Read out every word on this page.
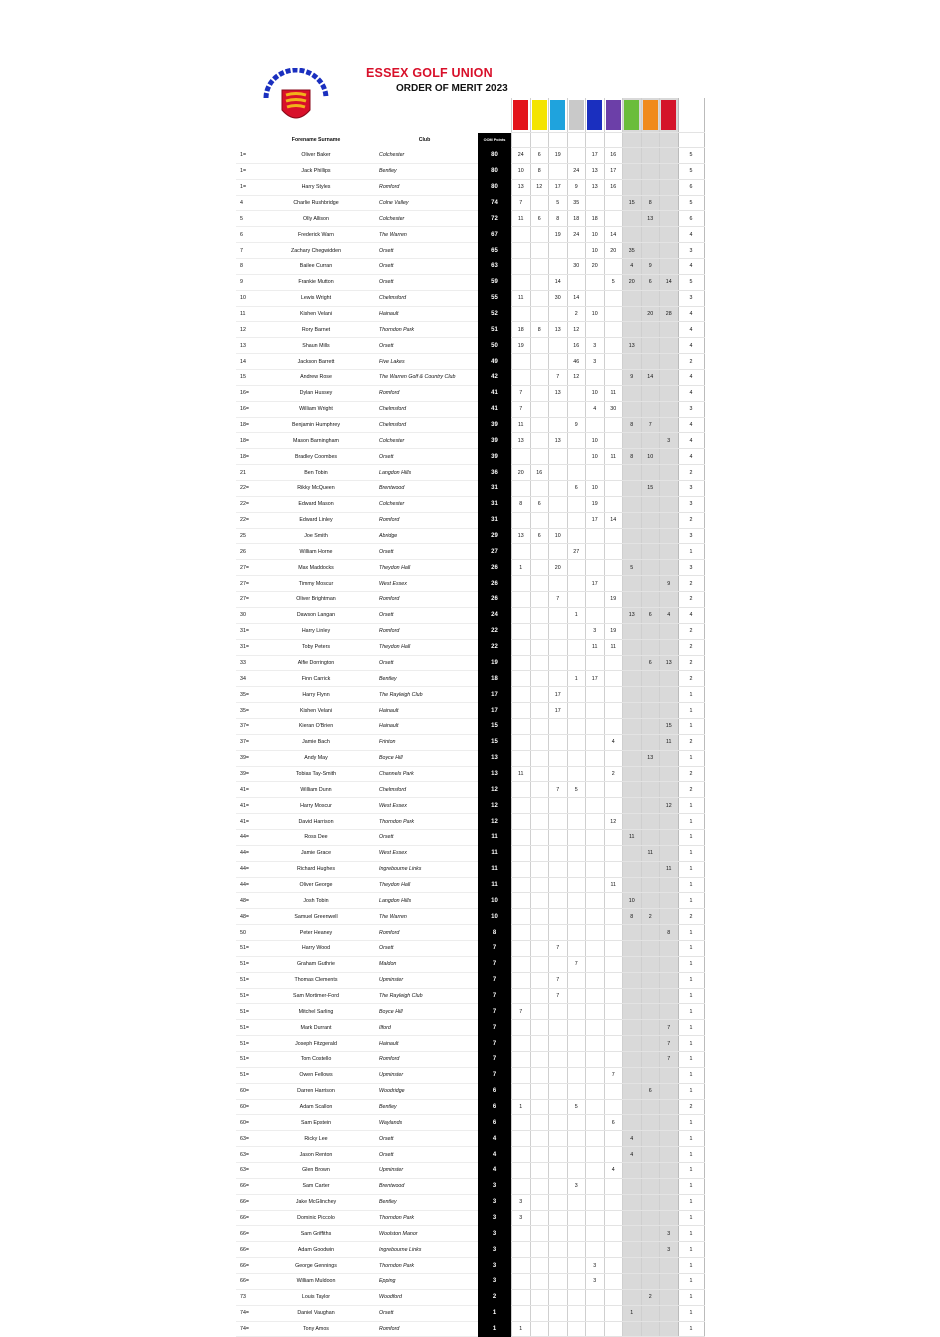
ESSEX GOLF UNION
ORDER OF MERIT 2023

	Forename Surname	Club	OOM Points										
1=	Oliver Baker	Colchester	80	24	6	19		17	16				5
1=	Jack Phillips	Bentley	80	10	8		24	13	17				5
1=	Harry Styles	Romford	80	13	12	17	9	13	16				6
4	Charlie Rushbridge	Colne Valley	74	7		5	35			15	8		5
5	Olly Allison	Colchester	72	11	6	8	18	18			13		6
6	Frederick Warn	The Warren	67			19	24	10	14				4
7	Zachary Chegwidden	Orsett	65					10	20	35			3
8	Bailee Curran	Orsett	63				30	20		4	9		4
9	Frankie Mutton	Orsett	59			14			5	20	6	14	5
10	Lewis Wright	Chelmsford	55	11		30	14						3
11	Kishen Velani	Hainault	52				2	10			20	28	4
12	Rory Barnet	Thorndon Park	51	18	8	13	12						4
13	Shaun Mills	Orsett	50	19			16	3		13			4
14	Jackson Barrett	Five Lakes	49				46	3					2
15	Andrew Rose	The Warren Golf & Country Club	42			7	12			9	14		4
16=	Dylan Hussey	Romford	41	7		13		10	11				4
16=	William Wright	Chelmsford	41	7				4	30				3
18=	Benjamin Humphrey	Chelmsford	39	11			9			8	7		4
18=	Mason Barningham	Colchester	39	13		13		10				3	4
18=	Bradley Coombes	Orsett	39					10	11	8	10		4
21	Ben Tobin	Langdon Hills	36	20	16								2
22=	Rikky McQueen	Brentwood	31				6	10			15		3
22=	Edward Mason	Colchester	31	8	6			19					3
22=	Edward Linley	Romford	31					17	14				2
25	Joe Smith	Abridge	29	13	6	10							3
26	William Horne	Orsett	27				27						1
27=	Max Maddocks	Theydon Hall	26	1		20				5			3
27=	Timmy Moscur	West Essex	26					17				9	2
27=	Oliver Brightman	Romford	26			7			19				2
30	Dawson Langan	Orsett	24				1			13	6	4	4
31=	Harry Linley	Romford	22					3	19				2
31=	Toby Peters	Theydon Hall	22					11	11				2
33	Alfie Dorrington	Orsett	19								6	13	2
34	Finn Carrick	Bentley	18				1	17					2
35=	Harry Flynn	The Rayleigh Club	17			17							1
35=	Kishen Velani	Hainault	17			17							1
37=	Kieran O'Brien	Hainault	15									15	1
37=	Jamie Bach	Frinton	15						4			11	2
39=	Andy May	Boyce Hill	13								13		1
39=	Tobias Tay-Smith	Channels Park	13	11					2				2
41=	William Dunn	Chelmsford	12			7	5						2
41=	Harry Moscur	West Essex	12									12	1
41=	David Harrison	Thorndon Park	12						12				1
44=	Ross Dee	Orsett	11							11			1
44=	Jamie Grace	West Essex	11								11		1
44=	Richard Hughes	Ingrebourne Links	11									11	1
44=	Oliver George	Theydon Hall	11						11				1
48=	Josh Tobin	Langdon Hills	10							10			1
48=	Samuel Greenwell	The Warren	10							8	2		2
50	Peter Heaney	Romford	8									8	1
51=	Harry Wood	Orsett	7			7							1
51=	Graham Guthrie	Maldon	7				7						1
51=	Thomas Clements	Upminster	7			7							1
51=	Sam Mortimer-Ford	The Rayleigh Club	7			7							1
51=	Mitchel Sarling	Boyce Hill	7	7									1
51=	Mark Durrant	Ilford	7									7	1
51=	Joseph Fitzgerald	Hainault	7									7	1
51=	Tom Costello	Romford	7									7	1
51=	Owen Fellows	Upminster	7						7				1
60=	Darren Harrison	Woodridge	6								6		1
60=	Adam Scallon	Bentley	6	1			5						2
60=	Sam Epstein	Waylands	6						6				1
63=	Ricky Lee	Orsett	4							4			1
63=	Jason Renton	Orsett	4							4			1
63=	Glen Brown	Upminster	4						4				1
66=	Sam Carter	Brentwood	3				3						1
66=	Jake McGlinchey	Bentley	3	3									1
66=	Dominic Piccolo	Thorndon Park	3	3									1
66=	Sam Griffiths	Woolston Manor	3									3	1
66=	Adam Goodwin	Ingrebourne Links	3									3	1
66=	George Gennings	Thorndon Park	3					3					1
66=	William Muldoon	Epping	3					3					1
73	Louis Taylor	Woodford	2								2		1
74=	Daniel Vaughan	Orsett	1							1			1
74=	Tony Amos	Romford	1	1									1
